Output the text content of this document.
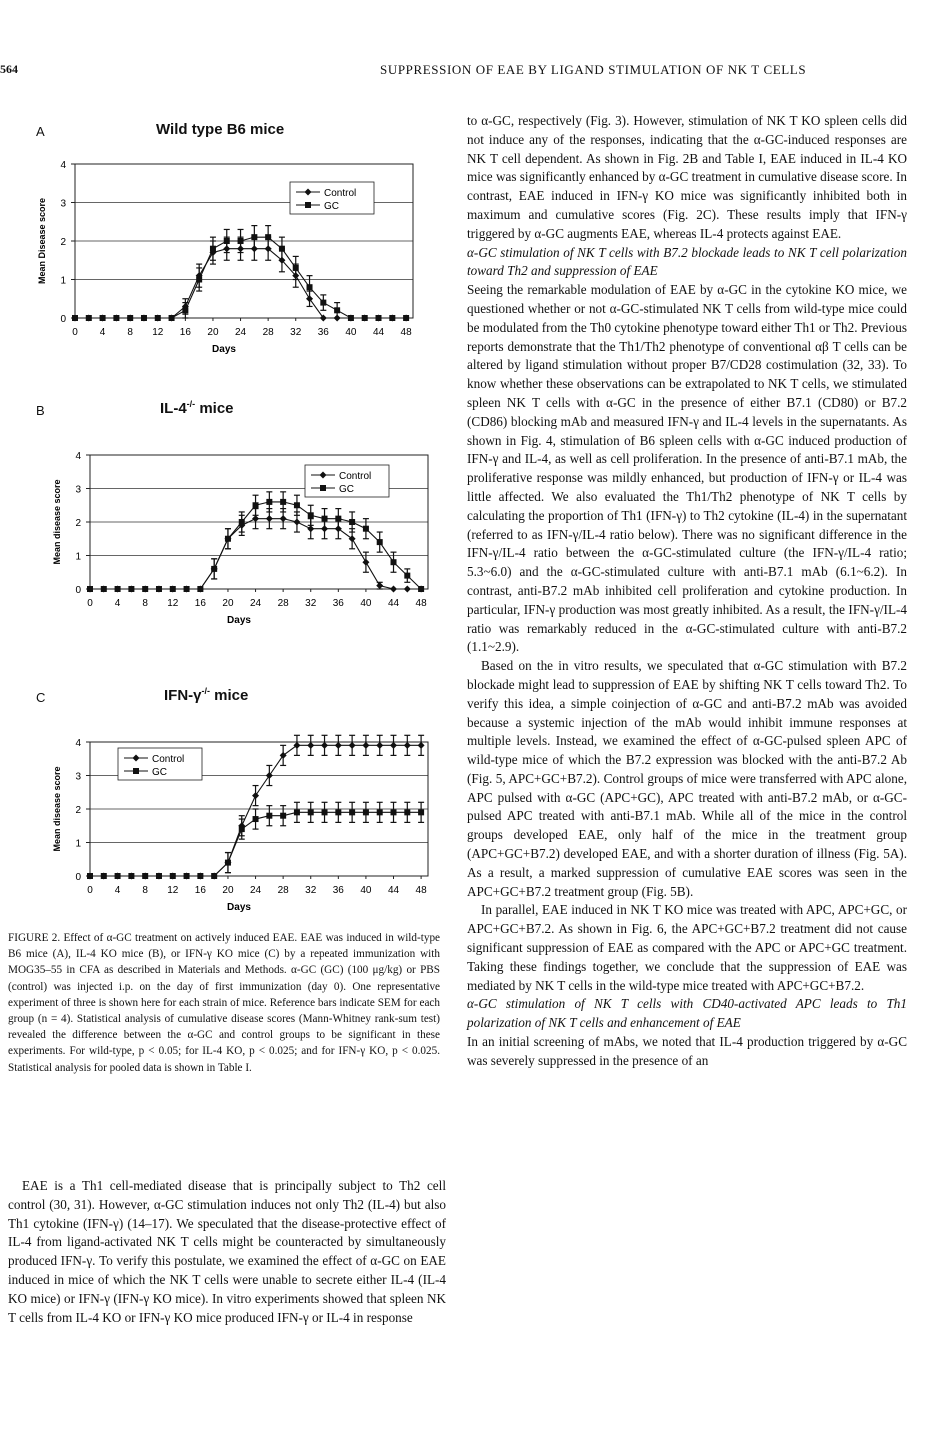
564	SUPPRESSION OF EAE BY LIGAND STIMULATION OF NK T CELLS
A	Wild type B6 mice
0
1
2
3
4
0 4 8 12 16 20 24 28 32 36 40 44 48
Days
Mean Disease score
Control
GC
B	IL-4-/- mice
0
1
2
3
4
0 4 8 12 16 20 24 28 32 36 40 44 48
Days
Mean disease score
Control
GC
C	IFN-γ-/- mice
0
1
2
3
4
0 4 8 12 16 20 24 28 32 36 40 44 48
Days
Mean disease score
Control
GC
FIGURE 2. Effect of α-GC treatment on actively induced EAE. EAE was induced in wild-type B6 mice (A), IL-4 KO mice (B), or IFN-γ KO mice (C) by a repeated immunization with MOG35–55 in CFA as described in Materials and Methods. α-GC (GC) (100 μg/kg) or PBS (control) was injected i.p. on the day of first immunization (day 0). One representative experiment of three is shown here for each strain of mice. Reference bars indicate SEM for each group (n = 4). Statistical analysis of cumulative disease scores (Mann-Whitney rank-sum test) revealed the difference between the α-GC and control groups to be significant in these experiments. For wild-type, p < 0.05; for IL-4 KO, p < 0.025; and for IFN-γ KO, p < 0.025. Statistical analysis for pooled data is shown in Table I.

EAE is a Th1 cell-mediated disease that is principally subject to Th2 cell control (30, 31). However, α-GC stimulation induces not only Th2 (IL-4) but also Th1 cytokine (IFN-γ) (14–17). We speculated that the disease-protective effect of IL-4 from ligand-activated NK T cells might be counteracted by simultaneously produced IFN-γ. To verify this postulate, we examined the effect of α-GC on EAE induced in mice of which the NK T cells were unable to secrete either IL-4 (IL-4 KO mice) or IFN-γ (IFN-γ KO mice). In vitro experiments showed that spleen NK T cells from IL-4 KO or IFN-γ KO mice produced IFN-γ or IL-4 in response

to α-GC, respectively (Fig. 3). However, stimulation of NK T KO spleen cells did not induce any of the responses, indicating that the α-GC-induced responses are NK T cell dependent. As shown in Fig. 2B and Table I, EAE induced in IL-4 KO mice was significantly enhanced by α-GC treatment in cumulative disease score. In contrast, EAE induced in IFN-γ KO mice was significantly inhibited both in maximum and cumulative scores (Fig. 2C). These results imply that IFN-γ triggered by α-GC augments EAE, whereas IL-4 protects against EAE.

α-GC stimulation of NK T cells with B7.2 blockade leads to NK T cell polarization toward Th2 and suppression of EAE

Seeing the remarkable modulation of EAE by α-GC in the cytokine KO mice, we questioned whether or not α-GC-stimulated NK T cells from wild-type mice could be modulated from the Th0 cytokine phenotype toward either Th1 or Th2. Previous reports demonstrate that the Th1/Th2 phenotype of conventional αβ T cells can be altered by ligand stimulation without proper B7/CD28 costimulation (32, 33). To know whether these observations can be extrapolated to NK T cells, we stimulated spleen NK T cells with α-GC in the presence of either B7.1 (CD80) or B7.2 (CD86) blocking mAb and measured IFN-γ and IL-4 levels in the supernatants. As shown in Fig. 4, stimulation of B6 spleen cells with α-GC induced production of IFN-γ and IL-4, as well as cell proliferation. In the presence of anti-B7.1 mAb, the proliferative response was mildly enhanced, but production of IFN-γ or IL-4 was little affected. We also evaluated the Th1/Th2 phenotype of NK T cells by calculating the proportion of Th1 (IFN-γ) to Th2 cytokine (IL-4) in the supernatant (referred to as IFN-γ/IL-4 ratio below). There was no significant difference in the IFN-γ/IL-4 ratio between the α-GC-stimulated culture (the IFN-γ/IL-4 ratio; 5.3~6.0) and the α-GC-stimulated culture with anti-B7.1 mAb (6.1~6.2). In contrast, anti-B7.2 mAb inhibited cell proliferation and cytokine production. In particular, IFN-γ production was most greatly inhibited. As a result, the IFN-γ/IL-4 ratio was remarkably reduced in the α-GC-stimulated culture with anti-B7.2 (1.1~2.9).

Based on the in vitro results, we speculated that α-GC stimulation with B7.2 blockade might lead to suppression of EAE by shifting NK T cells toward Th2. To verify this idea, a simple coinjection of α-GC and anti-B7.2 mAb was avoided because a systemic injection of the mAb would inhibit immune responses at multiple levels. Instead, we examined the effect of α-GC-pulsed spleen APC of wild-type mice of which the B7.2 expression was blocked with the anti-B7.2 Ab (Fig. 5, APC+GC+B7.2). Control groups of mice were transferred with APC alone, APC pulsed with α-GC (APC+GC), APC treated with anti-B7.2 mAb, or α-GC-pulsed APC treated with anti-B7.1 mAb. While all of the mice in the control groups developed EAE, only half of the mice in the treatment group (APC+GC+B7.2) developed EAE, and with a shorter duration of illness (Fig. 5A). As a result, a marked suppression of cumulative EAE scores was seen in the APC+GC+B7.2 treatment group (Fig. 5B).

In parallel, EAE induced in NK T KO mice was treated with APC, APC+GC, or APC+GC+B7.2. As shown in Fig. 6, the APC+GC+B7.2 treatment did not cause significant suppression of EAE as compared with the APC or APC+GC treatment. Taking these findings together, we conclude that the suppression of EAE was mediated by NK T cells in the wild-type mice treated with APC+GC+B7.2.

α-GC stimulation of NK T cells with CD40-activated APC leads to Th1 polarization of NK T cells and enhancement of EAE

In an initial screening of mAbs, we noted that IL-4 production triggered by α-GC was severely suppressed in the presence of an
